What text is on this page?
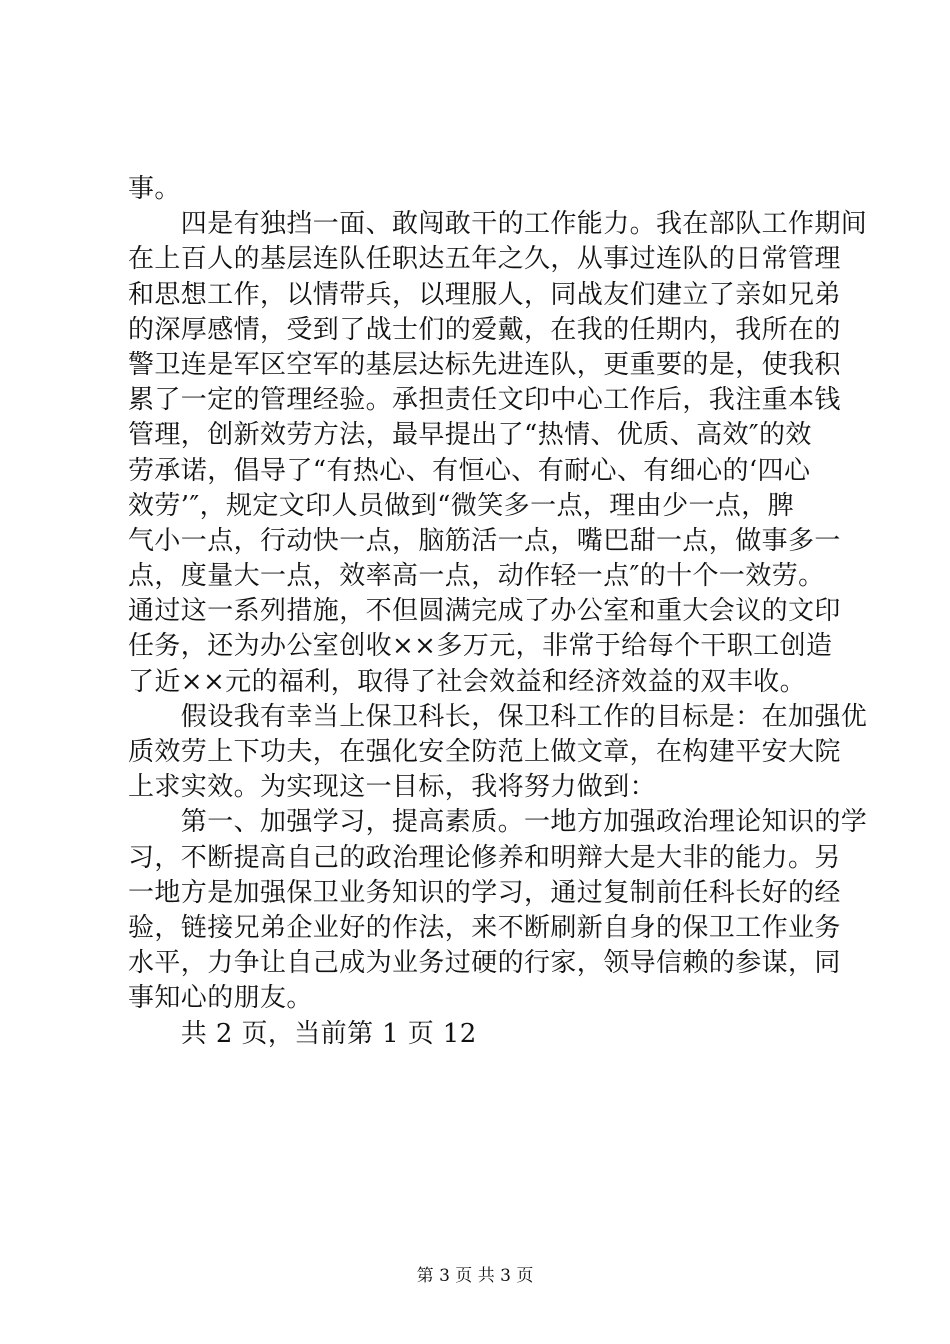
事。
　　四是有独挡一面、敢闯敢干的工作能力。我在部队工作期间
在上百人的基层连队任职达五年之久，从事过连队的日常管理
和思想工作，以情带兵，以理服人，同战友们建立了亲如兄弟
的深厚感情，受到了战士们的爱戴，在我的任期内，我所在的
警卫连是军区空军的基层达标先进连队，更重要的是，使我积
累了一定的管理经验。承担责任文印中心工作后，我注重本钱
管理，创新效劳方法，最早提出了“热情、优质、高效″的效
劳承诺，倡导了“有热心、有恒心、有耐心、有细心的‘四心
效劳’″，规定文印人员做到“微笑多一点，理由少一点，脾
气小一点，行动快一点，脑筋活一点，嘴巴甜一点，做事多一
点，度量大一点，效率高一点，动作轻一点″的十个一效劳。
通过这一系列措施，不但圆满完成了办公室和重大会议的文印
任务，还为办公室创收××多万元，非常于给每个干职工创造
了近××元的福利，取得了社会效益和经济效益的双丰收。
　　假设我有幸当上保卫科长，保卫科工作的目标是：在加强优
质效劳上下功夫，在强化安全防范上做文章，在构建平安大院
上求实效。为实现这一目标，我将努力做到：
　　第一、加强学习，提高素质。一地方加强政治理论知识的学
习，不断提高自己的政治理论修养和明辩大是大非的能力。另
一地方是加强保卫业务知识的学习，通过复制前任科长好的经
验，链接兄弟企业好的作法，来不断刷新自身的保卫工作业务
水平，力争让自己成为业务过硬的行家，领导信赖的参谋，同
事知心的朋友。
　　共 2 页，当前第 1 页 12
第 3 页 共 3 页
